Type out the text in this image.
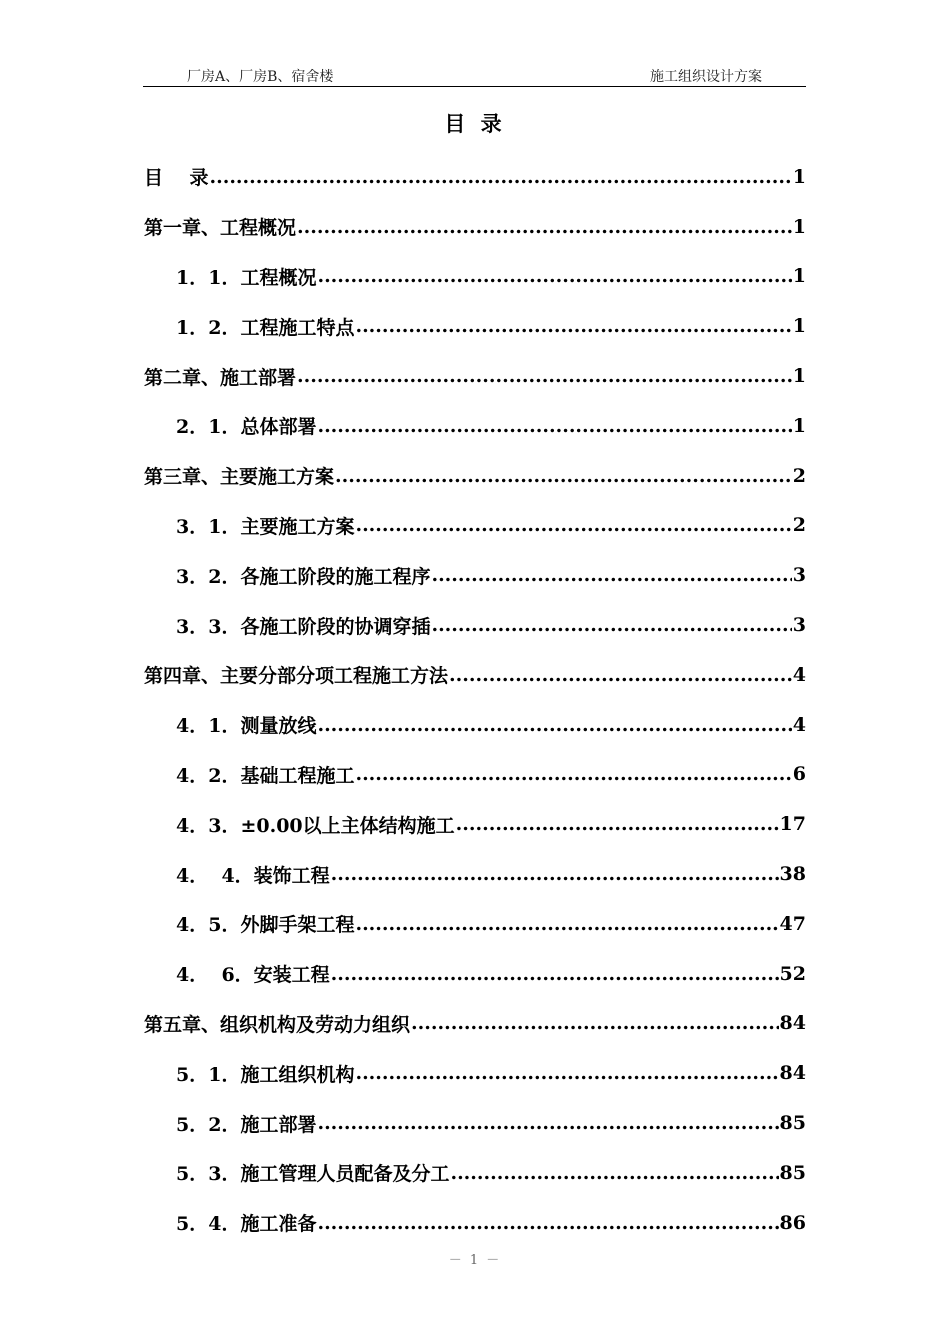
厂房A、厂房B、宿舍楼	施工组织设计方案
目 录
目    录 .....	1
第一章、工程概况 .....	1
1．1．工程概况 .....	1
1．2．工程施工特点 .....	1
第二章、施工部署 .....	1
2．1．总体部署 .....	1
第三章、主要施工方案 .....	2
3．1．主要施工方案 .....	2
3．2．各施工阶段的施工程序 .....	3
3．3．各施工阶段的协调穿插 .....	3
第四章、主要分部分项工程施工方法 .....	4
4．1．测量放线 .....	4
4．2．基础工程施工 .....	6
4．3．±0.00以上主体结构施工 .....	17
4．  4．装饰工程 .....	38
4．5．外脚手架工程 .....	47
4．  6．安装工程 .....	52
第五章、组织机构及劳动力组织 .....	84
5．1．施工组织机构 .....	84
5．2．施工部署 .....	85
5．3．施工管理人员配备及分工 .....	85
5．4．施工准备 .....	86
－ 1 －
